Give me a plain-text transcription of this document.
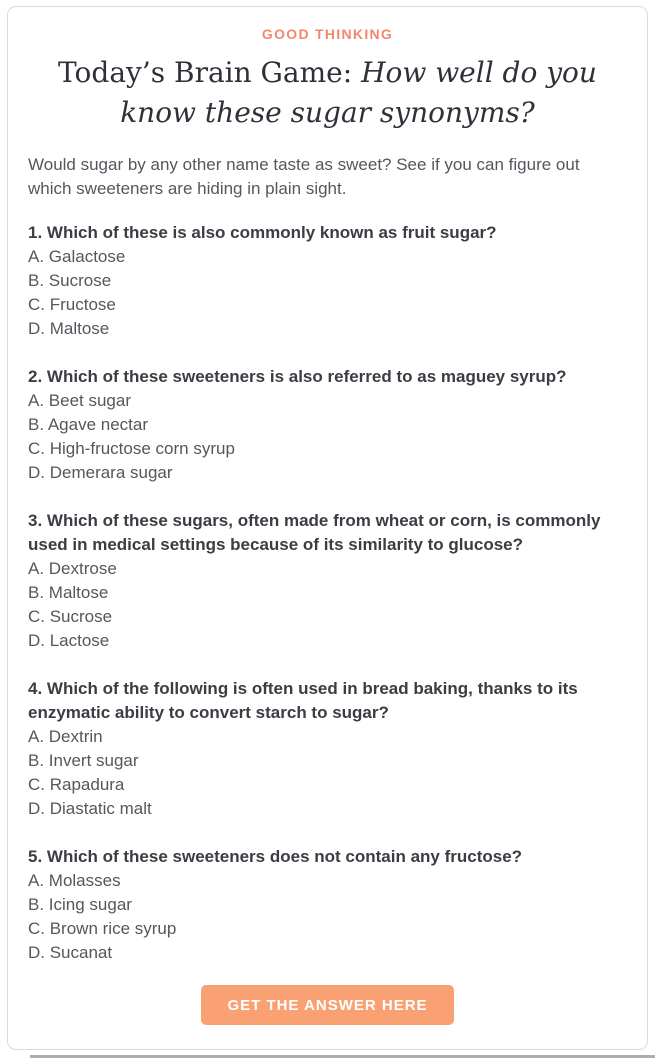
GOOD THINKING
Today’s Brain Game: How well do you know these sugar synonyms?

Would sugar by any other name taste as sweet? See if you can figure out which sweeteners are hiding in plain sight.

1. Which of these is also commonly known as fruit sugar?
A. Galactose
B. Sucrose
C. Fructose
D. Maltose
2. Which of these sweeteners is also referred to as maguey syrup?
A. Beet sugar
B. Agave nectar
C. High-fructose corn syrup
D. Demerara sugar
3. Which of these sugars, often made from wheat or corn, is commonly used in medical settings because of its similarity to glucose?
A. Dextrose
B. Maltose
C. Sucrose
D. Lactose
4. Which of the following is often used in bread baking, thanks to its enzymatic ability to convert starch to sugar?
A. Dextrin
B. Invert sugar
C. Rapadura
D. Diastatic malt
5. Which of these sweeteners does not contain any fructose?
A. Molasses
B. Icing sugar
C. Brown rice syrup
D. Sucanat
GET THE ANSWER HERE
